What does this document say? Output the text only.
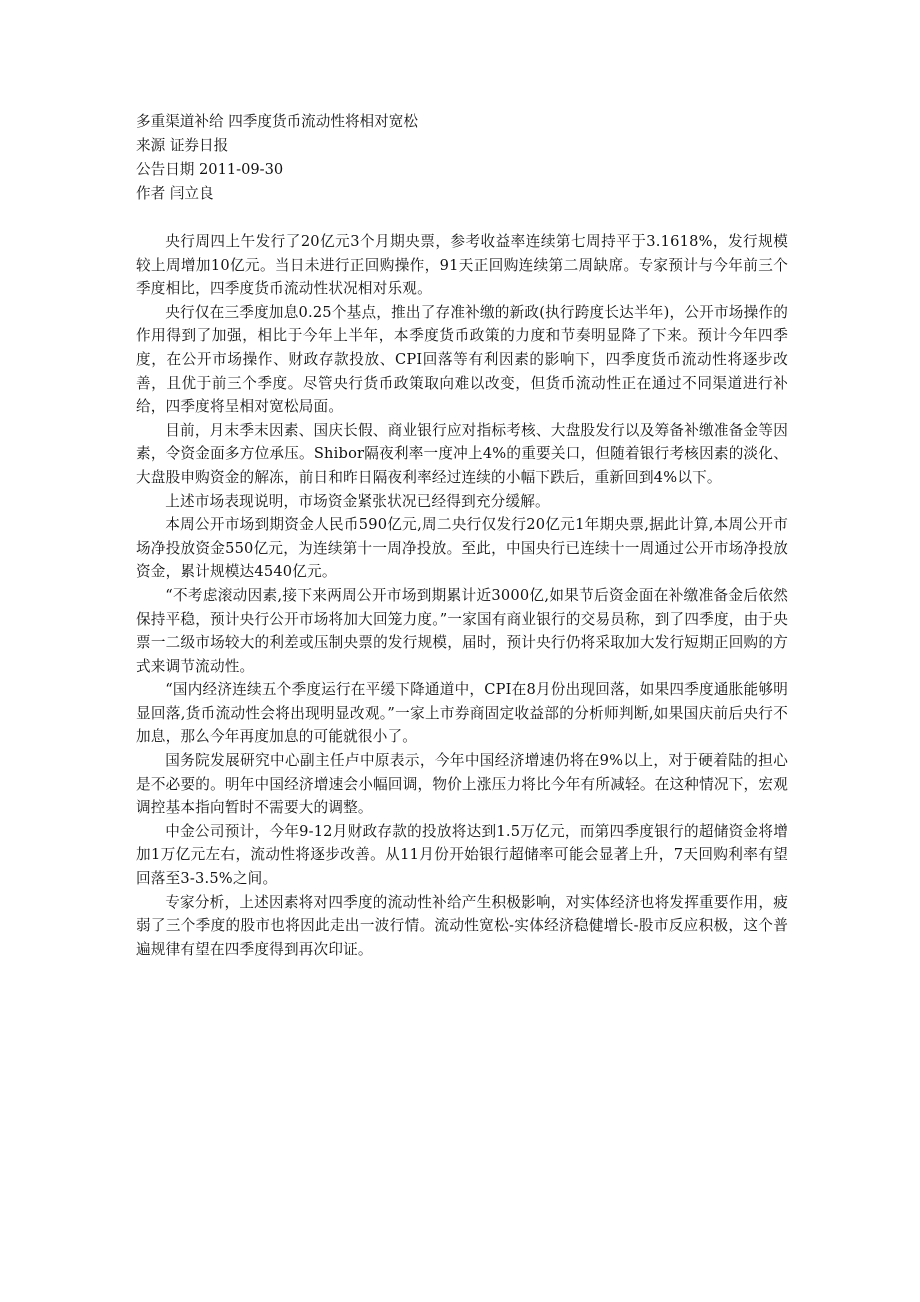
多重渠道补给 四季度货币流动性将相对宽松
来源 证券日报
公告日期 2011-09-30
作者 闫立良

央行周四上午发行了20亿元3个月期央票，参考收益率连续第七周持平于3.1618%，发行规模较上周增加10亿元。当日未进行正回购操作，91天正回购连续第二周缺席。专家预计与今年前三个季度相比，四季度货币流动性状况相对乐观。

央行仅在三季度加息0.25个基点，推出了存准补缴的新政(执行跨度长达半年)，公开市场操作的作用得到了加强，相比于今年上半年，本季度货币政策的力度和节奏明显降了下来。预计今年四季度，在公开市场操作、财政存款投放、CPI回落等有利因素的影响下，四季度货币流动性将逐步改善，且优于前三个季度。尽管央行货币政策取向难以改变，但货币流动性正在通过不同渠道进行补给，四季度将呈相对宽松局面。

目前，月末季末因素、国庆长假、商业银行应对指标考核、大盘股发行以及筹备补缴准备金等因素，令资金面多方位承压。Shibor隔夜利率一度冲上4%的重要关口，但随着银行考核因素的淡化、大盘股申购资金的解冻，前日和昨日隔夜利率经过连续的小幅下跌后，重新回到4%以下。

上述市场表现说明，市场资金紧张状况已经得到充分缓解。

本周公开市场到期资金人民币590亿元,周二央行仅发行20亿元1年期央票,据此计算,本周公开市场净投放资金550亿元，为连续第十一周净投放。至此，中国央行已连续十一周通过公开市场净投放资金，累计规模达4540亿元。

“不考虑滚动因素,接下来两周公开市场到期累计近3000亿,如果节后资金面在补缴准备金后依然保持平稳，预计央行公开市场将加大回笼力度。”一家国有商业银行的交易员称，到了四季度，由于央票一二级市场较大的利差或压制央票的发行规模，届时，预计央行仍将采取加大发行短期正回购的方式来调节流动性。

“国内经济连续五个季度运行在平缓下降通道中，CPI在8月份出现回落，如果四季度通胀能够明显回落,货币流动性会将出现明显改观。”一家上市券商固定收益部的分析师判断,如果国庆前后央行不加息，那么今年再度加息的可能就很小了。

国务院发展研究中心副主任卢中原表示，今年中国经济增速仍将在9%以上，对于硬着陆的担心是不必要的。明年中国经济增速会小幅回调，物价上涨压力将比今年有所减轻。在这种情况下，宏观调控基本指向暂时不需要大的调整。

中金公司预计，今年9-12月财政存款的投放将达到1.5万亿元，而第四季度银行的超储资金将增加1万亿元左右，流动性将逐步改善。从11月份开始银行超储率可能会显著上升，7天回购利率有望回落至3-3.5%之间。

专家分析，上述因素将对四季度的流动性补给产生积极影响，对实体经济也将发挥重要作用，疲弱了三个季度的股市也将因此走出一波行情。流动性宽松-实体经济稳健增长-股市反应积极，这个普遍规律有望在四季度得到再次印证。
